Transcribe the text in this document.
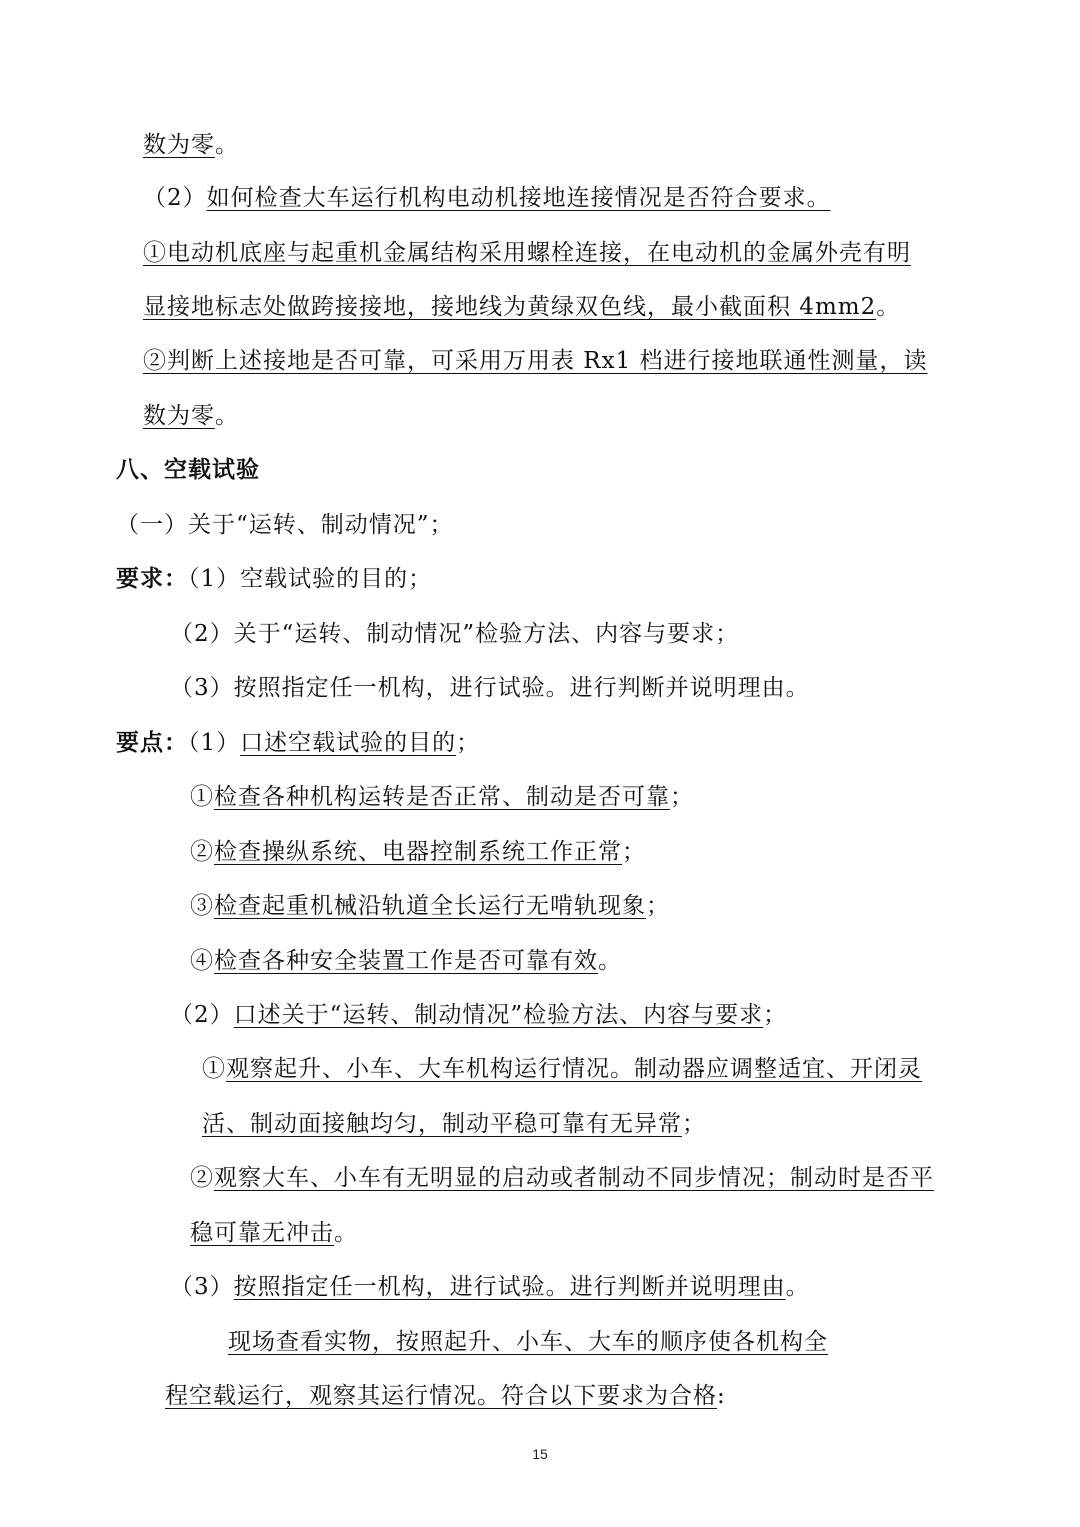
数为零。
（2）如何检查大车运行机构电动机接地连接情况是否符合要求。
①电动机底座与起重机金属结构采用螺栓连接，在电动机的金属外壳有明
显接地标志处做跨接接地，接地线为黄绿双色线，最小截面积 4mm2。
②判断上述接地是否可靠，可采用万用表 Rx1 档进行接地联通性测量，读
数为零。
八、空载试验
（一）关于“运转、制动情况”；
要求：（1）空载试验的目的；
（2）关于“运转、制动情况”检验方法、内容与要求；
（3）按照指定任一机构，进行试验。进行判断并说明理由。
要点：（1）口述空载试验的目的；
①检查各种机构运转是否正常、制动是否可靠；
②检查操纵系统、电器控制系统工作正常；
③检查起重机械沿轨道全长运行无啃轨现象；
④检查各种安全装置工作是否可靠有效。
（2）口述关于“运转、制动情况”检验方法、内容与要求；
①观察起升、小车、大车机构运行情况。制动器应调整适宜、开闭灵
活、制动面接触均匀，制动平稳可靠有无异常；
②观察大车、小车有无明显的启动或者制动不同步情况；制动时是否平
稳可靠无冲击。
（3）按照指定任一机构，进行试验。进行判断并说明理由。
现场查看实物，按照起升、小车、大车的顺序使各机构全
程空载运行，观察其运行情况。符合以下要求为合格:
15
